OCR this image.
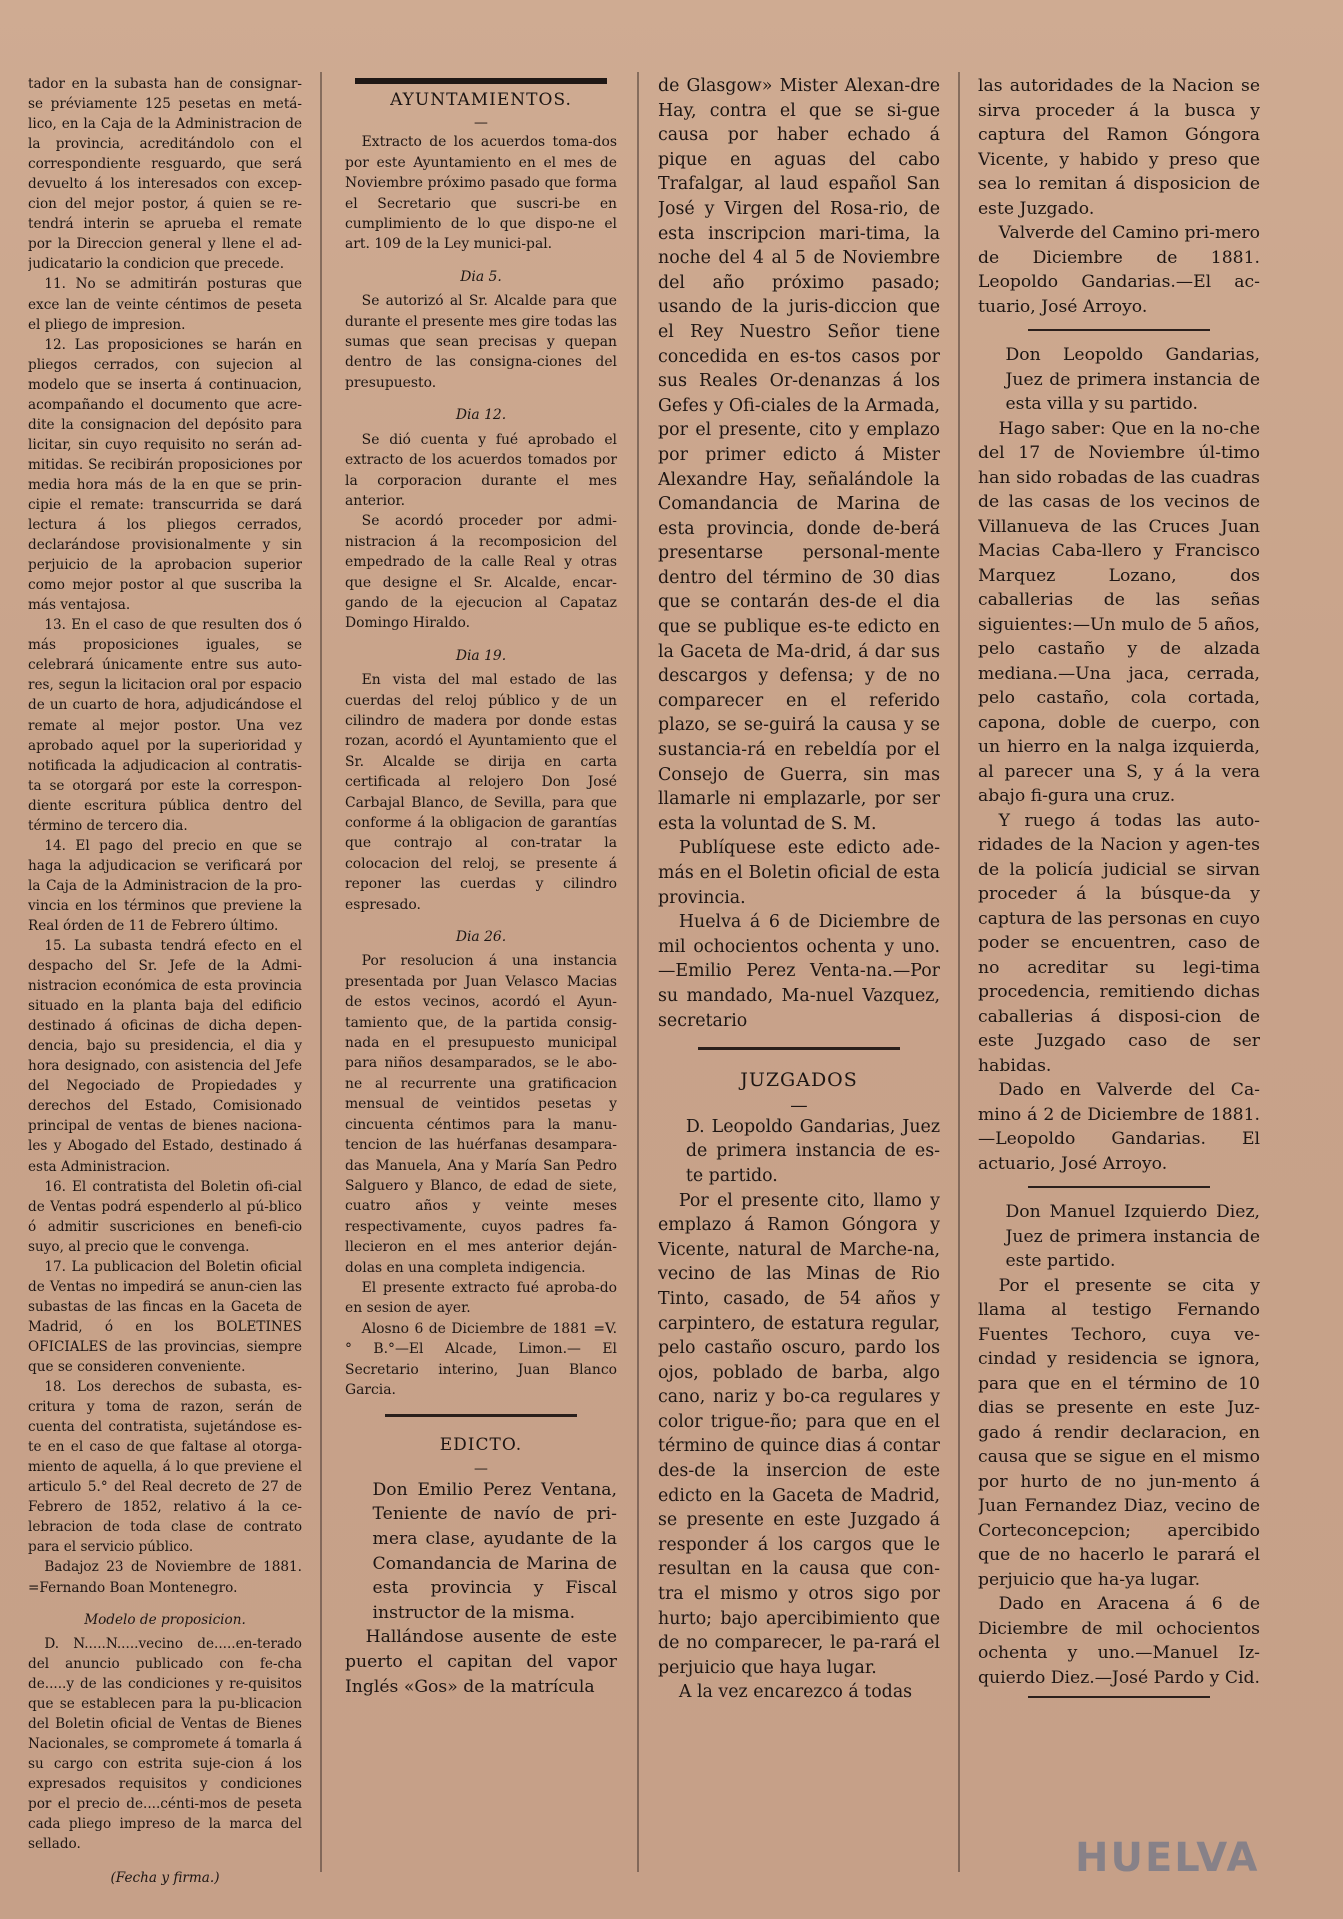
tador en la subasta han de consignar-se préviamente 125 pesetas en metá-lico, en la Caja de la Administracion de la provincia, acreditándolo con el correspondiente resguardo, que será devuelto á los interesados con excep-cion del mejor postor, á quien se re-tendrá interin se aprueba el remate por la Direccion general y llene el ad-judicatario la condicion que precede.

11. No se admitirán posturas que exce lan de veinte céntimos de peseta el pliego de impresion.

12. Las proposiciones se harán en pliegos cerrados, con sujecion al modelo que se inserta á continuacion, acompañando el documento que acre-dite la consignacion del depósito para licitar, sin cuyo requisito no serán ad-mitidas. Se recibirán proposiciones por media hora más de la en que se prin-cipie el remate: transcurrida se dará lectura á los pliegos cerrados, declarándose provisionalmente y sin perjuicio de la aprobacion superior como mejor postor al que suscriba la más ventajosa.

13. En el caso de que resulten dos ó más proposiciones iguales, se celebrará únicamente entre sus auto-res, segun la licitacion oral por espacio de un cuarto de hora, adjudicándose el remate al mejor postor. Una vez aprobado aquel por la superioridad y notificada la adjudicacion al contratis-ta se otorgará por este la correspon-diente escritura pública dentro del término de tercero dia.

14. El pago del precio en que se haga la adjudicacion se verificará por la Caja de la Administracion de la pro-vincia en los términos que previene la Real órden de 11 de Febrero último.

15. La subasta tendrá efecto en el despacho del Sr. Jefe de la Admi-nistracion económica de esta provincia situado en la planta baja del edificio destinado á oficinas de dicha depen-dencia, bajo su presidencia, el dia y hora designado, con asistencia del Jefe del Negociado de Propiedades y derechos del Estado, Comisionado principal de ventas de bienes naciona-les y Abogado del Estado, destinado á esta Administracion.

16. El contratista del Boletin ofi-cial de Ventas podrá espenderlo al pú-blico ó admitir suscriciones en benefi-cio suyo, al precio que le convenga.

17. La publicacion del Boletin oficial de Ventas no impedirá se anun-cien las subastas de las fincas en la Gaceta de Madrid, ó en los BOLETINES OFICIALES de las provincias, siempre que se consideren conveniente.

18. Los derechos de subasta, es-critura y toma de razon, serán de cuenta del contratista, sujetándose es-te en el caso de que faltase al otorga-miento de aquella, á lo que previene el articulo 5.° del Real decreto de 27 de Febrero de 1852, relativo á la ce-lebracion de toda clase de contrato para el servicio público.

Badajoz 23 de Noviembre de 1881. =Fernando Boan Montenegro.

Modelo de proposicion.

D. N.....N.....vecino de.....en-terado del anuncio publicado con fe-cha de.....y de las condiciones y re-quisitos que se establecen para la pu-blicacion del Boletin oficial de Ventas de Bienes Nacionales, se compromete á tomarla á su cargo con estrita suje-cion á los expresados requisitos y condiciones por el precio de....cénti-mos de peseta cada pliego impreso de la marca del sellado.

(Fecha y firma.)

AYUNTAMIENTOS.
—

Extracto de los acuerdos toma-dos por este Ayuntamiento en el mes de Noviembre próximo pasado que forma el Secretario que suscri-be en cumplimiento de lo que dispo-ne el art. 109 de la Ley munici-pal.

Dia 5.

Se autorizó al Sr. Alcalde para que durante el presente mes gire todas las sumas que sean precisas y quepan dentro de las consigna-ciones del presupuesto.

Dia 12.

Se dió cuenta y fué aprobado el extracto de los acuerdos tomados por la corporacion durante el mes anterior.

Se acordó proceder por admi-nistracion á la recomposicion del empedrado de la calle Real y otras que designe el Sr. Alcalde, encar-gando de la ejecucion al Capataz Domingo Hiraldo.

Dia 19.

En vista del mal estado de las cuerdas del reloj público y de un cilindro de madera por donde estas rozan, acordó el Ayuntamiento que el Sr. Alcalde se dirija en carta certificada al relojero Don José Carbajal Blanco, de Sevilla, para que conforme á la obligacion de garantías que contrajo al con-tratar la colocacion del reloj, se presente á reponer las cuerdas y cilindro espresado.

Dia 26.

Por resolucion á una instancia presentada por Juan Velasco Macias de estos vecinos, acordó el Ayun-tamiento que, de la partida consig-nada en el presupuesto municipal para niños desamparados, se le abo-ne al recurrente una gratificacion mensual de veintidos pesetas y cincuenta céntimos para la manu-tencion de las huérfanas desampara-das Manuela, Ana y María San Pedro Salguero y Blanco, de edad de siete, cuatro años y veinte meses respectivamente, cuyos padres fa-llecieron en el mes anterior deján-dolas en una completa indigencia.

El presente extracto fué aproba-do en sesion de ayer.

Alosno 6 de Diciembre de 1881 =V.° B.°—El Alcade, Limon.— El Secretario interino, Juan Blanco Garcia.

EDICTO.
—

Don Emilio Perez Ventana, Teniente de navío de pri-mera clase, ayudante de la Comandancia de Marina de esta provincia y Fiscal instructor de la misma.

Hallándose ausente de este puerto el capitan del vapor Inglés «Gos» de la matrícula

de Glasgow» Mister Alexan-dre Hay, contra el que se si-gue causa por haber echado á pique en aguas del cabo Trafalgar, al laud español San José y Virgen del Rosa-rio, de esta inscripcion mari-tima, la noche del 4 al 5 de Noviembre del año próximo pasado; usando de la juris-diccion que el Rey Nuestro Señor tiene concedida en es-tos casos por sus Reales Or-denanzas á los Gefes y Ofi-ciales de la Armada, por el presente, cito y emplazo por primer edicto á Mister Alexandre Hay, señalándole la Comandancia de Marina de esta provincia, donde de-berá presentarse personal-mente dentro del término de 30 dias que se contarán des-de el dia que se publique es-te edicto en la Gaceta de Ma-drid, á dar sus descargos y defensa; y de no comparecer en el referido plazo, se se-guirá la causa y se sustancia-rá en rebeldía por el Consejo de Guerra, sin mas llamarle ni emplazarle, por ser esta la voluntad de S. M.

Publíquese este edicto ade-más en el Boletin oficial de esta provincia.

Huelva á 6 de Diciembre de mil ochocientos ochenta y uno.—Emilio Perez Venta-na.—Por su mandado, Ma-nuel Vazquez, secretario

JUZGADOS
—

D. Leopoldo Gandarias, Juez de primera instancia de es-te partido.

Por el presente cito, llamo y emplazo á Ramon Góngora y Vicente, natural de Marche-na, vecino de las Minas de Rio Tinto, casado, de 54 años y carpintero, de estatura regular, pelo castaño oscuro, pardo los ojos, poblado de barba, algo cano, nariz y bo-ca regulares y color trigue-ño; para que en el término de quince dias á contar des-de la insercion de este edicto en la Gaceta de Madrid, se presente en este Juzgado á responder á los cargos que le resultan en la causa que con-tra el mismo y otros sigo por hurto; bajo apercibimiento que de no comparecer, le pa-rará el perjuicio que haya lugar.

A la vez encarezco á todas

las autoridades de la Nacion se sirva proceder á la busca y captura del Ramon Góngora Vicente, y habido y preso que sea lo remitan á disposicion de este Juzgado.

Valverde del Camino pri-mero de Diciembre de 1881. Leopoldo Gandarias.—El ac-tuario, José Arroyo.

Don Leopoldo Gandarias, Juez de primera instancia de esta villa y su partido.

Hago saber: Que en la no-che del 17 de Noviembre úl-timo han sido robadas de las cuadras de las casas de los vecinos de Villanueva de las Cruces Juan Macias Caba-llero y Francisco Marquez Lozano, dos caballerias de las señas siguientes:—Un mulo de 5 años, pelo castaño y de alzada mediana.—Una jaca, cerrada, pelo castaño, cola cortada, capona, doble de cuerpo, con un hierro en la nalga izquierda, al parecer una S, y á la vera abajo fi-gura una cruz.

Y ruego á todas las auto-ridades de la Nacion y agen-tes de la policía judicial se sirvan proceder á la búsque-da y captura de las personas en cuyo poder se encuentren, caso de no acreditar su legi-tima procedencia, remitiendo dichas caballerias á disposi-cion de este Juzgado caso de ser habidas.

Dado en Valverde del Ca-mino á 2 de Diciembre de 1881.—Leopoldo Gandarias. El actuario, José Arroyo.

Don Manuel Izquierdo Diez, Juez de primera instancia de este partido.

Por el presente se cita y llama al testigo Fernando Fuentes Techoro, cuya ve-cindad y residencia se ignora, para que en el término de 10 dias se presente en este Juz-gado á rendir declaracion, en causa que se sigue en el mismo por hurto de no jun-mento á Juan Fernandez Diaz, vecino de Corteconcepcion; apercibido que de no hacerlo le parará el perjuicio que ha-ya lugar.

Dado en Aracena á 6 de Diciembre de mil ochocientos ochenta y uno.—Manuel Iz-quierdo Diez.—José Pardo y Cid.

HUELVA
